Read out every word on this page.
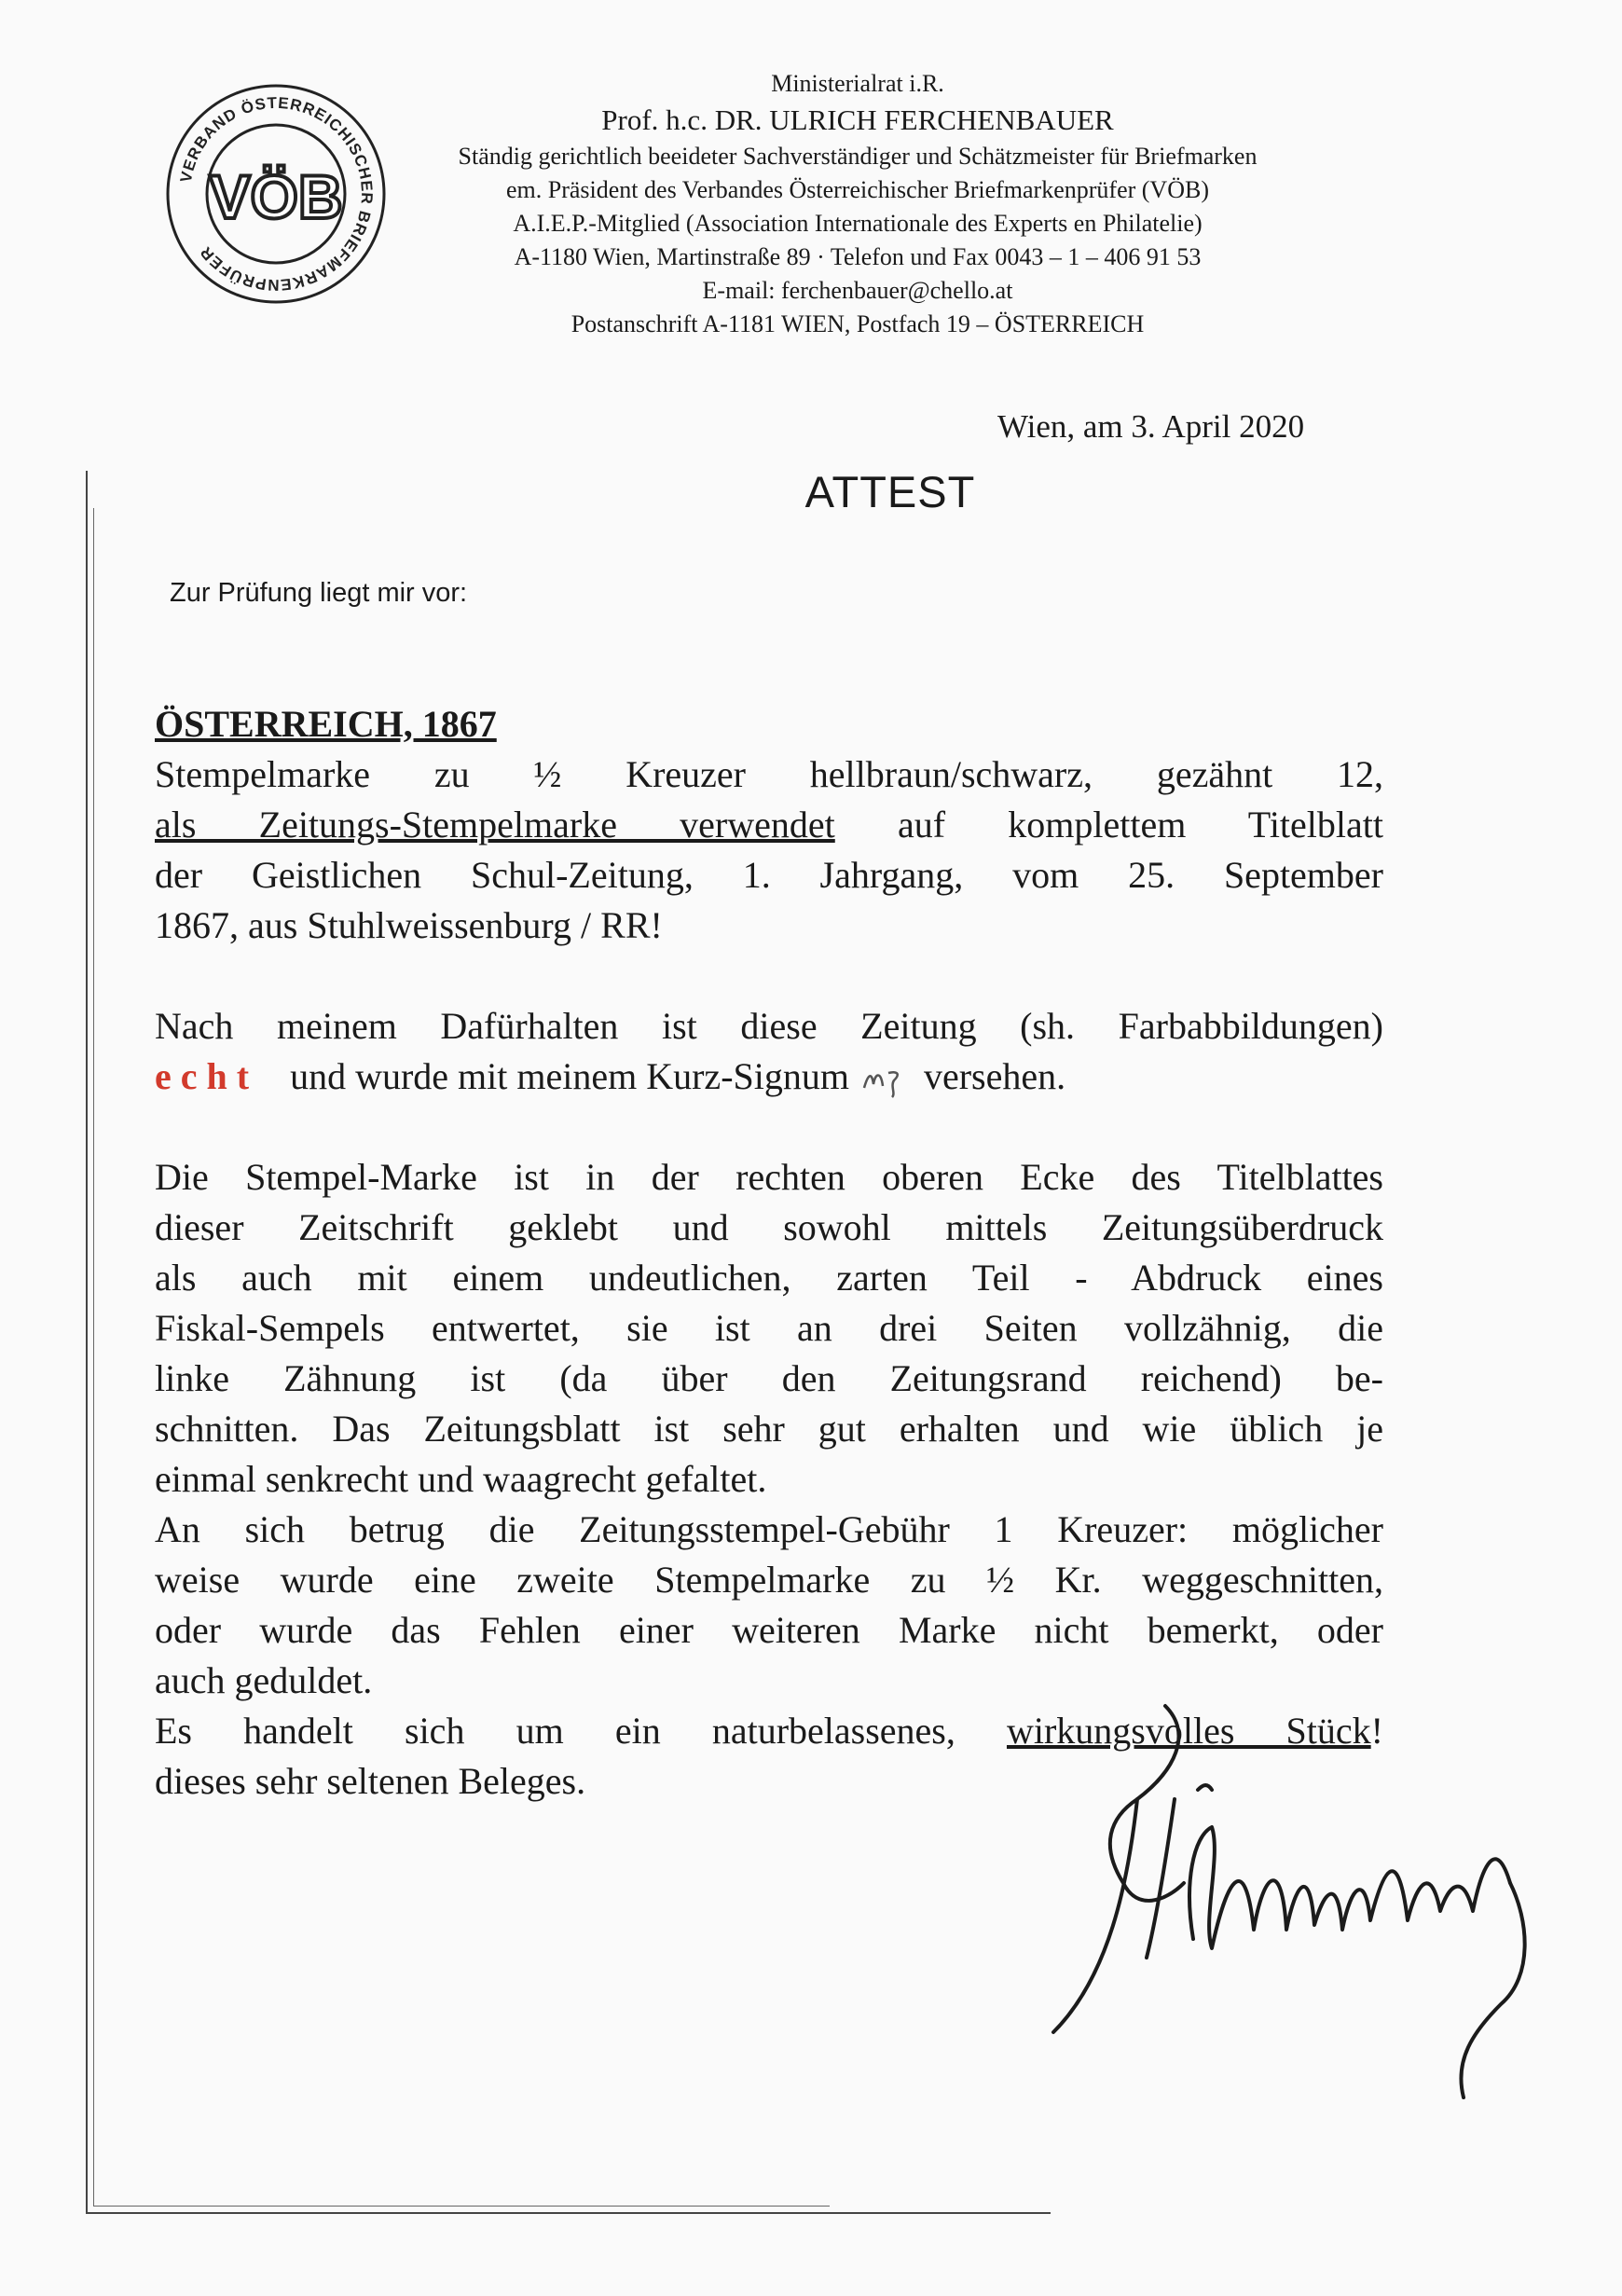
VERBAND ÖSTERREICHISCHER BRIEFMARKENPRÜFER
VÖB
Ministerialrat i.R.
Prof. h.c. DR. ULRICH FERCHENBAUER
Ständig gerichtlich beeideter Sachverständiger und Schätzmeister für Briefmarken
em. Präsident des Verbandes Österreichischer Briefmarkenprüfer (VÖB)
A.I.E.P.-Mitglied (Association Internationale des Experts en Philatelie)
A-1180 Wien, Martinstraße 89 · Telefon und Fax 0043 – 1 – 406 91 53
E-mail: ferchenbauer@chello.at
Postanschrift A-1181 WIEN, Postfach 19 – ÖSTERREICH
Wien, am 3. April 2020
ATTEST
Zur Prüfung liegt mir vor:
ÖSTERREICH, 1867
Stempelmarke zu ½ Kreuzer hellbraun/schwarz, gezähnt 12,
als Zeitungs-Stempelmarke verwendet auf komplettem Titelblatt
der Geistlichen Schul-Zeitung, 1. Jahrgang, vom 25. September
1867, aus Stuhlweissenburg / RR!
Nach meinem Dafürhalten ist diese Zeitung (sh. Farbabbildungen)
echt und wurde mit meinem Kurz-Signum versehen.
Die Stempel-Marke ist in der rechten oberen Ecke des Titelblattes
dieser Zeitschrift geklebt und sowohl mittels Zeitungsüberdruck
als auch mit einem undeutlichen, zarten Teil - Abdruck eines
Fiskal-Sempels entwertet, sie ist an drei Seiten vollzähnig, die
linke Zähnung ist (da über den Zeitungsrand reichend) be-
schnitten. Das Zeitungsblatt ist sehr gut erhalten und wie üblich je
einmal senkrecht und waagrecht gefaltet.
An sich betrug die Zeitungsstempel-Gebühr 1 Kreuzer: möglicher
weise wurde eine zweite Stempelmarke zu ½ Kr. weggeschnitten,
oder wurde das Fehlen einer weiteren Marke nicht bemerkt, oder
auch geduldet.
Es handelt sich um ein naturbelassenes, wirkungsvolles Stück!
dieses sehr seltenen Beleges.
